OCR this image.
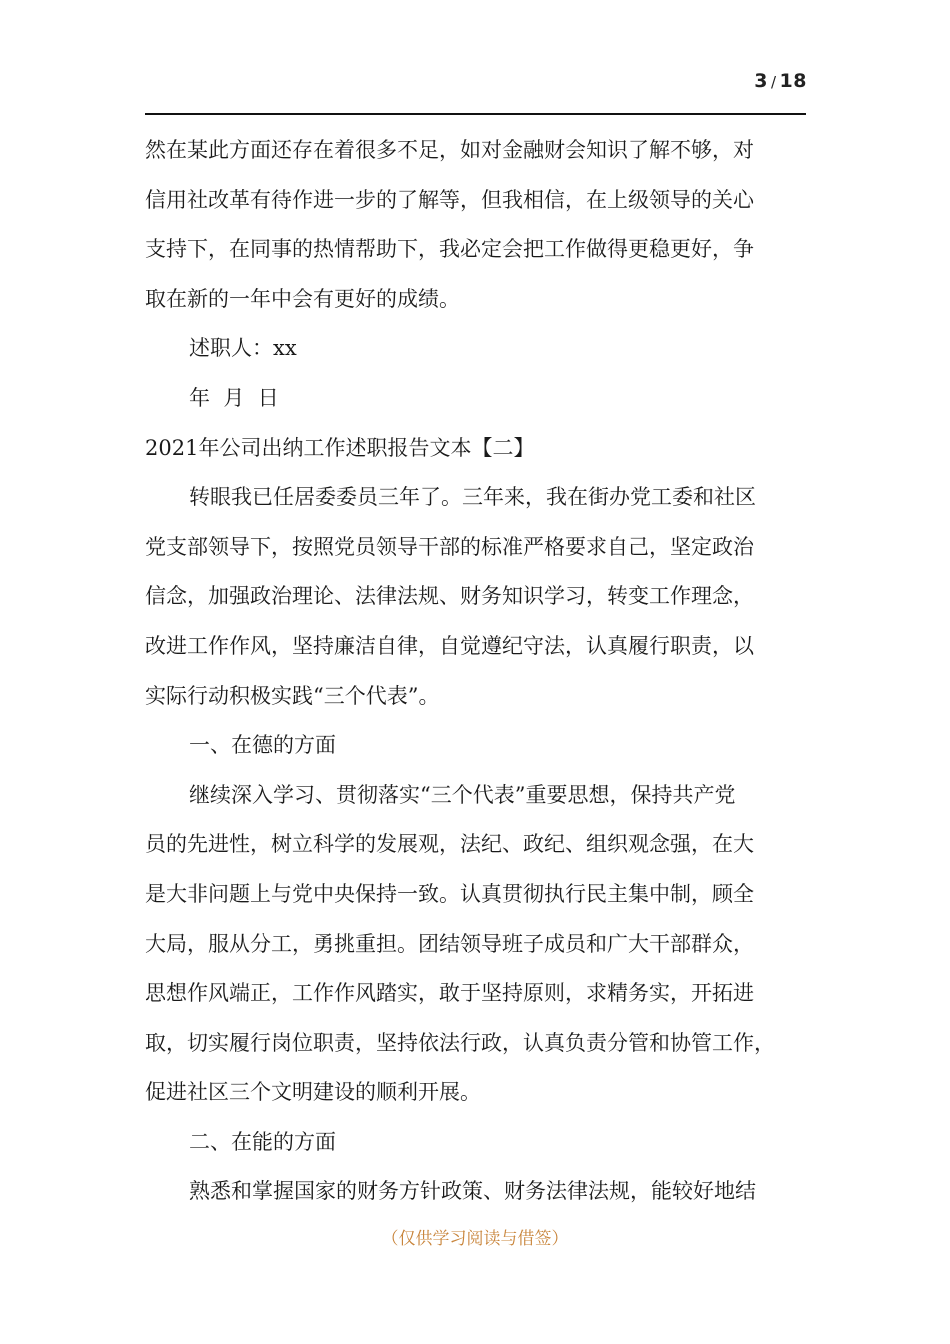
3 / 18
然在某此方面还存在着很多不足，如对金融财会知识了解不够，对
信用社改革有待作进一步的了解等，但我相信，在上级领导的关心
支持下，在同事的热情帮助下，我必定会把工作做得更稳更好，争
取在新的一年中会有更好的成绩。
述职人：xx
年  月  日
2021年公司出纳工作述职报告文本【二】
转眼我已任居委委员三年了。三年来，我在街办党工委和社区
党支部领导下，按照党员领导干部的标准严格要求自己，坚定政治
信念，加强政治理论、法律法规、财务知识学习，转变工作理念，
改进工作作风，坚持廉洁自律，自觉遵纪守法，认真履行职责，以
实际行动积极实践“三个代表”。
一、在德的方面
继续深入学习、贯彻落实“三个代表”重要思想，保持共产党
员的先进性，树立科学的发展观，法纪、政纪、组织观念强，在大
是大非问题上与党中央保持一致。认真贯彻执行民主集中制，顾全
大局，服从分工，勇挑重担。团结领导班子成员和广大干部群众，
思想作风端正，工作作风踏实，敢于坚持原则，求精务实，开拓进
取，切实履行岗位职责，坚持依法行政，认真负责分管和协管工作，
促进社区三个文明建设的顺利开展。
二、在能的方面
熟悉和掌握国家的财务方针政策、财务法律法规，能较好地结
（仅供学习阅读与借签）
